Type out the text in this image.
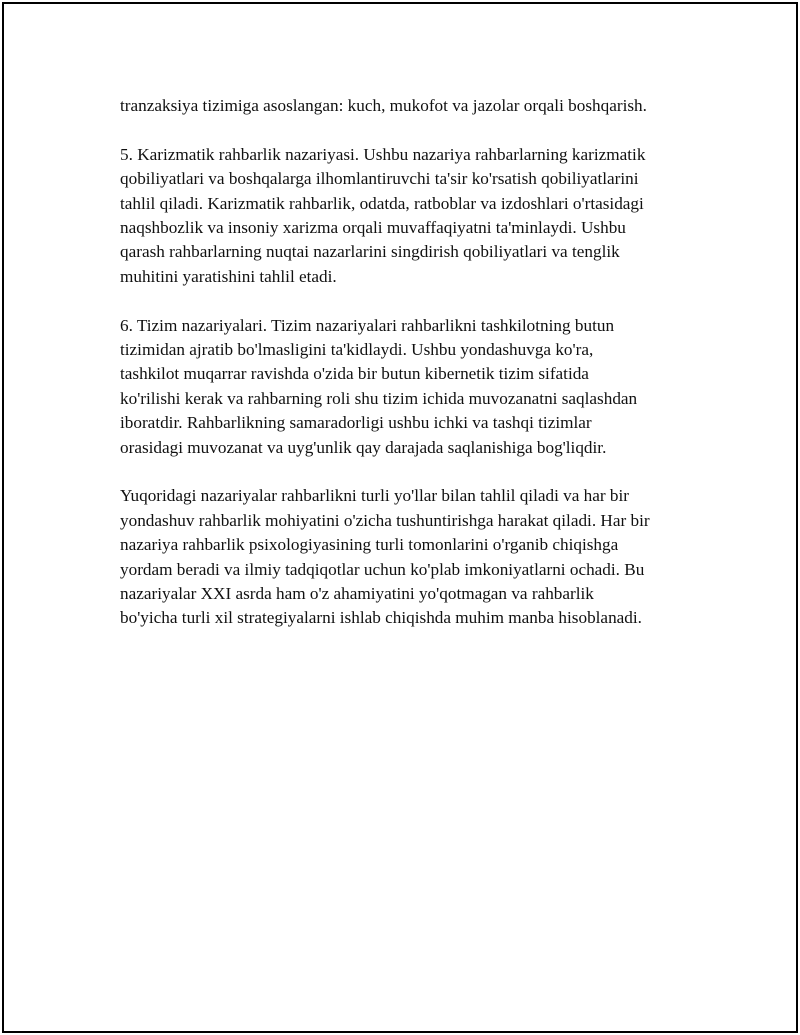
tranzaksiya tizimiga asoslangan: kuch, mukofot va jazolar orqali boshqarish.

5. Karizmatik rahbarlik nazariyasi. Ushbu nazariya rahbarlarning karizmatik
qobiliyatlari va boshqalarga ilhomlantiruvchi ta'sir ko'rsatish qobiliyatlarini
tahlil qiladi. Karizmatik rahbarlik, odatda, ratboblar va izdoshlari o'rtasidagi
naqshbozlik va insoniy xarizma orqali muvaffaqiyatni ta'minlaydi. Ushbu
qarash rahbarlarning nuqtai nazarlarini singdirish qobiliyatlari va tenglik
muhitini yaratishini tahlil etadi.

6. Tizim nazariyalari. Tizim nazariyalari rahbarlikni tashkilotning butun
tizimidan ajratib bo'lmasligini ta'kidlaydi. Ushbu yondashuvga ko'ra,
tashkilot muqarrar ravishda o'zida bir butun kibernetik tizim sifatida
ko'rilishi kerak va rahbarning roli shu tizim ichida muvozanatni saqlashdan
iboratdir. Rahbarlikning samaradorligi ushbu ichki va tashqi tizimlar
orasidagi muvozanat va uyg'unlik qay darajada saqlanishiga bog'liqdir.

Yuqoridagi nazariyalar rahbarlikni turli yo'llar bilan tahlil qiladi va har bir
yondashuv rahbarlik mohiyatini o'zicha tushuntirishga harakat qiladi. Har bir
nazariya rahbarlik psixologiyasining turli tomonlarini o'rganib chiqishga
yordam beradi va ilmiy tadqiqotlar uchun ko'plab imkoniyatlarni ochadi. Bu
nazariyalar XXI asrda ham o'z ahamiyatini yo'qotmagan va rahbarlik
bo'yicha turli xil strategiyalarni ishlab chiqishda muhim manba hisoblanadi.
